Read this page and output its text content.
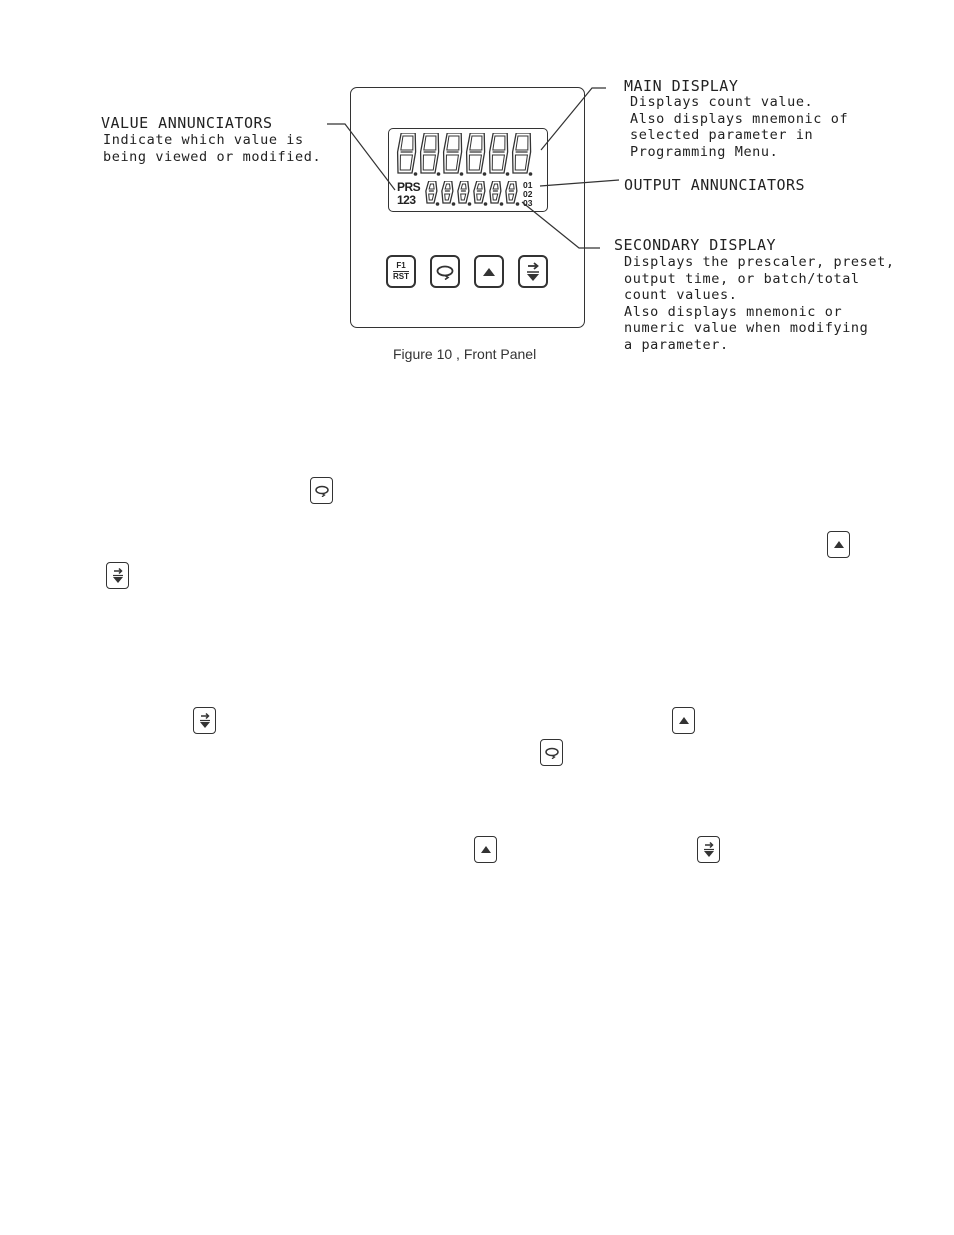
VALUE ANNUNCIATORS
Indicate which value is
being viewed or modified.
MAIN DISPLAY
Displays count value.
Also displays mnemonic of
selected parameter in
Programming Menu.
OUTPUT ANNUNCIATORS
SECONDARY DISPLAY
Displays the prescaler, preset,
output time, or batch/total
count values.
Also displays mnemonic or
numeric value when modifying
a parameter.
Figure 10 , Front Panel
PRS
123
01
02
03
F1
RST
